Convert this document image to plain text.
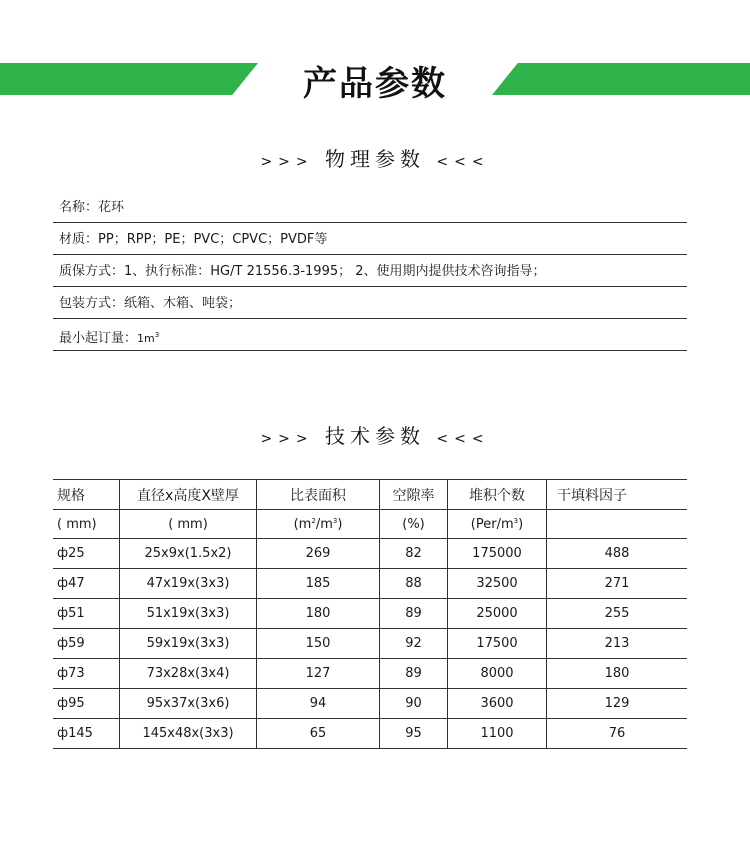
产品参数
>>> 物理参数 <<<
名称：花环
材质：PP；RPP；PE；PVC；CPVC；PVDF等
质保方式：1、执行标准：HG/T 21556.3-1995； 2、使用期内提供技术咨询指导；
包装方式：纸箱、木箱、吨袋；
最小起订量：$1m^3$
>>> 技术参数 <<<
规格	直径x高度X壁厚	比表面积	空隙率	堆积个数	干填料因子
( mm)	( mm)	$(m^2/m^3)$	(%)	$(Per/m^3)$	
ф25	25x9x(1.5x2)	269	82	175000	488
ф47	47x19x(3x3)	185	88	32500	271
ф51	51x19x(3x3)	180	89	25000	255
ф59	59x19x(3x3)	150	92	17500	213
ф73	73x28x(3x4)	127	89	8000	180
ф95	95x37x(3x6)	94	90	3600	129
ф145	145x48x(3x3)	65	95	1100	76
